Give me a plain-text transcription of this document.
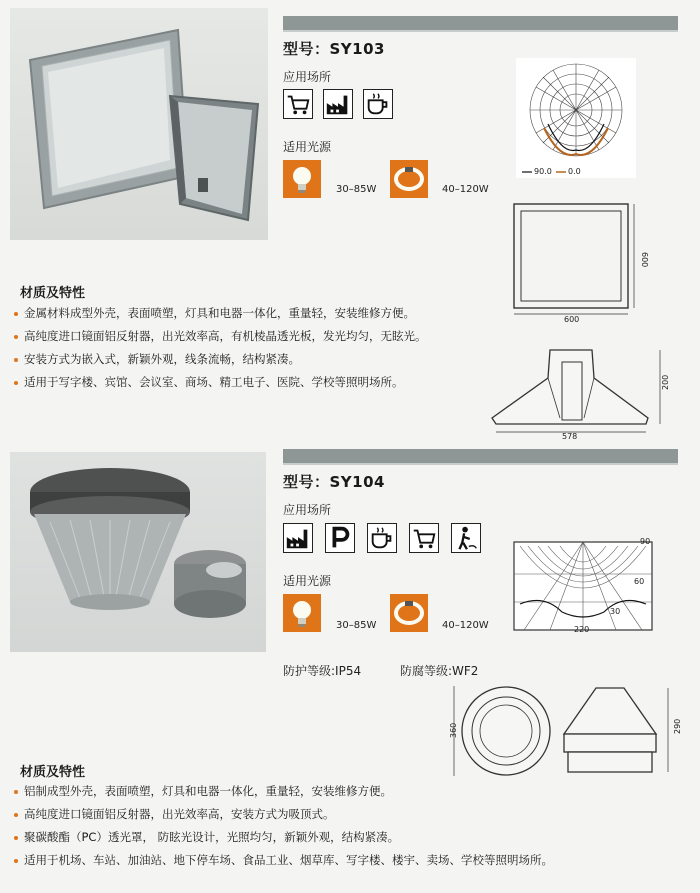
型号：SY103
应用场所
适用光源
30–85W	40–120W
90.0 0.0
600
600
200
578
材质及特性
金属材料成型外壳，表面喷塑，灯具和电器一体化，重量轻，安装维修方便。
高纯度进口镜面铝反射器，出光效率高，有机棱晶透光板，发光均匀，无眩光。
安装方式为嵌入式，新颖外观，线条流畅，结构紧凑。
适用于写字楼、宾馆、会议室、商场、精工电子、医院、学校等照明场所。
型号：SY104
应用场所
适用光源
30–85W	40–120W
90
60
30
220
防护等级:IP54	防腐等级:WF2
360	290
材质及特性
铝制成型外壳，表面喷塑，灯具和电器一体化，重量轻，安装维修方便。
高纯度进口镜面铝反射器，出光效率高，安装方式为吸顶式。
聚碳酸酯（PC）透光罩， 防眩光设计，光照均匀，新颖外观，结构紧凑。
适用于机场、车站、加油站、地下停车场、食品工业、烟草库、写字楼、楼宇、卖场、学校等照明场所。
